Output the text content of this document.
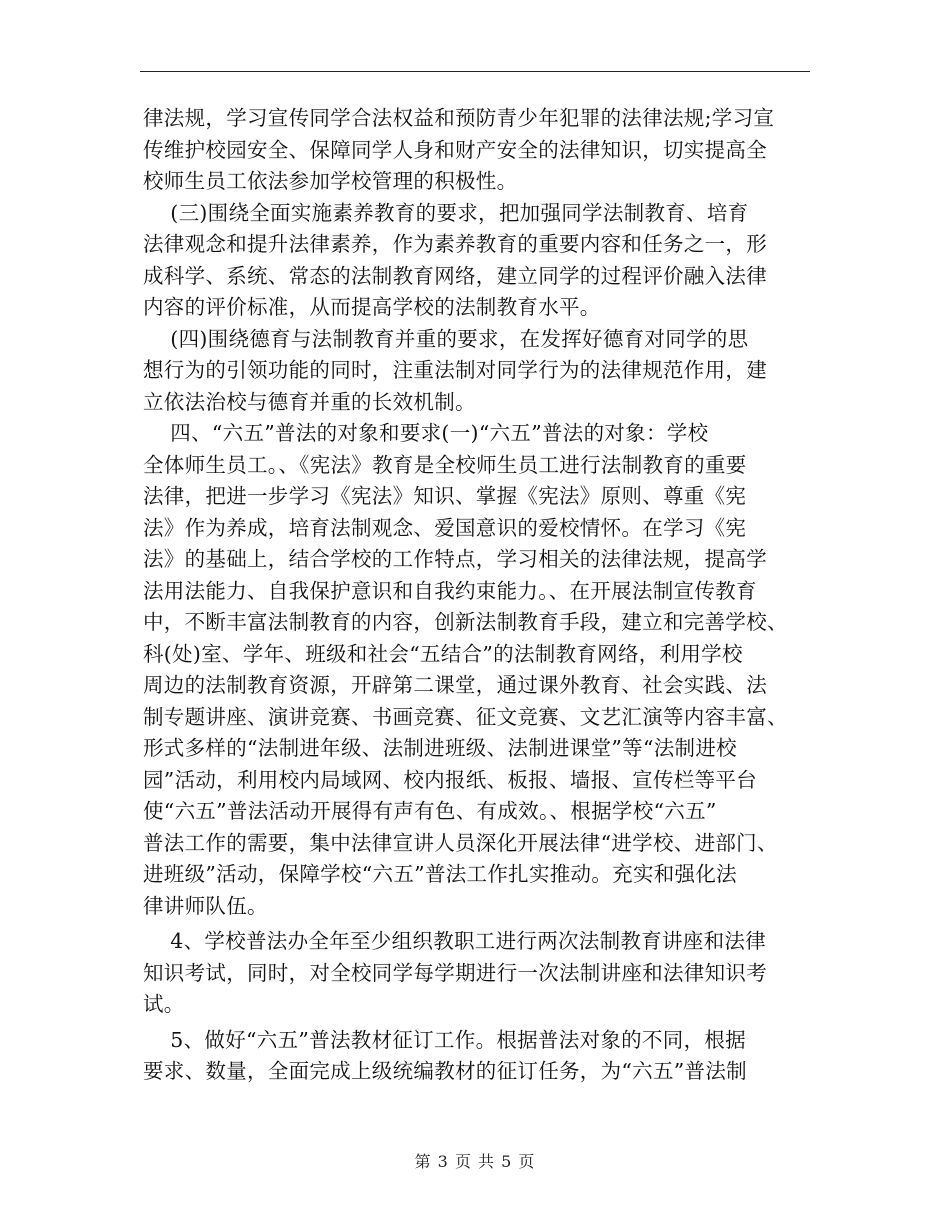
律法规，学习宣传同学合法权益和预防青少年犯罪的法律法规;学习宣
传维护校园安全、保障同学人身和财产安全的法律知识，切实提高全
校师生员工依法参加学校管理的积极性。

(三)围绕全面实施素养教育的要求，把加强同学法制教育、培育
法律观念和提升法律素养，作为素养教育的重要内容和任务之一，形
成科学、系统、常态的法制教育网络，建立同学的过程评价融入法律
内容的评价标准，从而提高学校的法制教育水平。

(四)围绕德育与法制教育并重的要求，在发挥好德育对同学的思
想行为的引领功能的同时，注重法制对同学行为的法律规范作用，建
立依法治校与德育并重的长效机制。

四、“六五”普法的对象和要求(一)“六五”普法的对象：学校
全体师生员工。、《宪法》教育是全校师生员工进行法制教育的重要
法律，把进一步学习《宪法》知识、掌握《宪法》原则、尊重《宪
法》作为养成，培育法制观念、爱国意识的爱校情怀。在学习《宪
法》的基础上，结合学校的工作特点，学习相关的法律法规，提高学
法用法能力、自我保护意识和自我约束能力。、在开展法制宣传教育
中，不断丰富法制教育的内容，创新法制教育手段，建立和完善学校、
科(处)室、学年、班级和社会“五结合”的法制教育网络，利用学校
周边的法制教育资源，开辟第二课堂，通过课外教育、社会实践、法
制专题讲座、演讲竞赛、书画竞赛、征文竞赛、文艺汇演等内容丰富、
形式多样的“法制进年级、法制进班级、法制进课堂”等“法制进校
园”活动，利用校内局域网、校内报纸、板报、墙报、宣传栏等平台
使“六五”普法活动开展得有声有色、有成效。、根据学校“六五”
普法工作的需要，集中法律宣讲人员深化开展法律“进学校、进部门、
进班级”活动，保障学校“六五”普法工作扎实推动。充实和强化法
律讲师队伍。

4、学校普法办全年至少组织教职工进行两次法制教育讲座和法律
知识考试，同时，对全校同学每学期进行一次法制讲座和法律知识考
试。

5、做好“六五”普法教材征订工作。根据普法对象的不同，根据
要求、数量，全面完成上级统编教材的征订任务，为“六五”普法制

第 3 页 共 5 页
